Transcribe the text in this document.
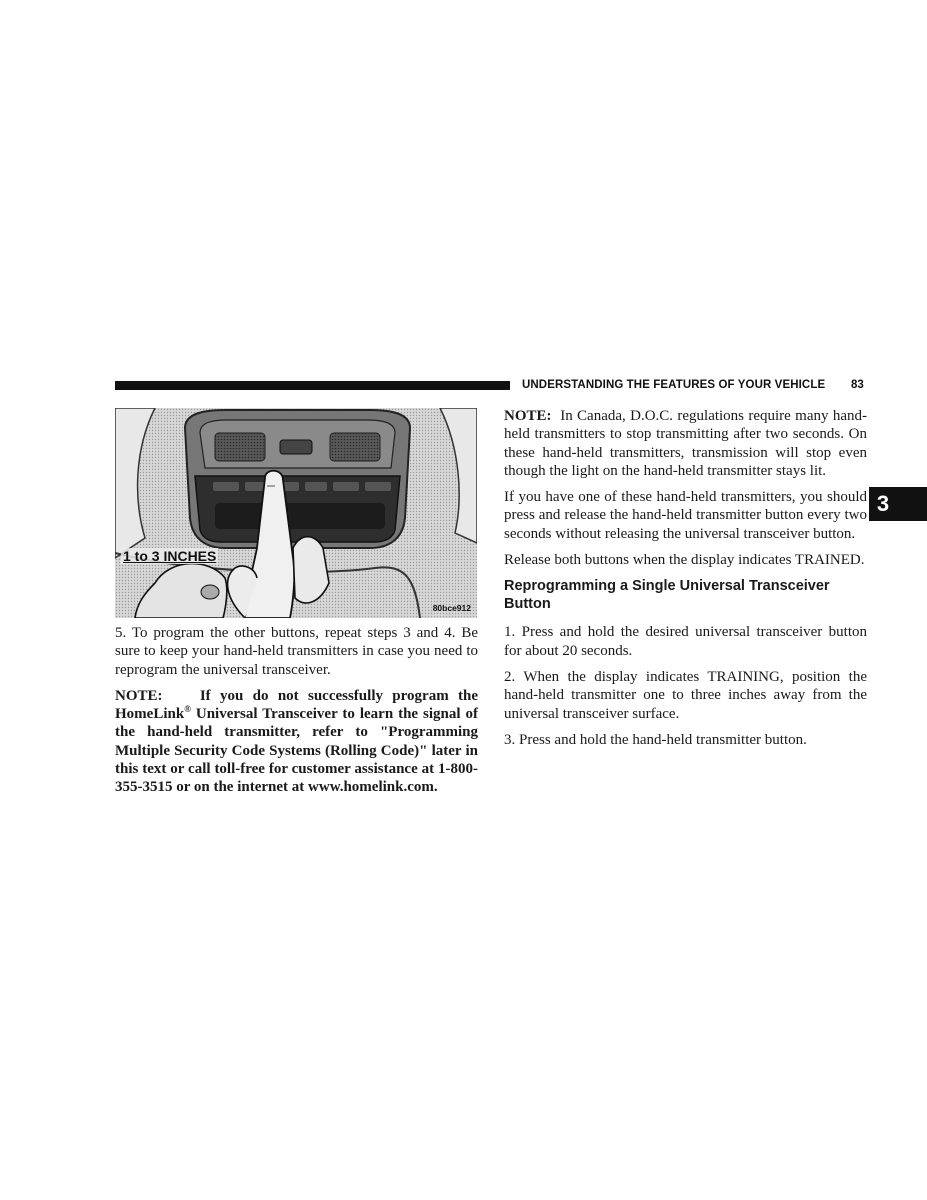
UNDERSTANDING THE FEATURES OF YOUR VEHICLE 83
3
1 to 3 INCHES
80bce912

5. To program the other buttons, repeat steps 3 and 4. Be sure to keep your hand-held transmitters in case you need to reprogram the universal transceiver.

NOTE: If you do not successfully program the HomeLink® Universal Transceiver to learn the signal of the hand-held transmitter, refer to "Programming Multiple Security Code Systems (Rolling Code)" later in this text or call toll-free for customer assistance at 1-800-355-3515 or on the internet at www.homelink.com.

NOTE: In Canada, D.O.C. regulations require many hand-held transmitters to stop transmitting after two seconds. On these hand-held transmitters, transmission will stop even though the light on the hand-held transmitter stays lit.

If you have one of these hand-held transmitters, you should press and release the hand-held transmitter button every two seconds without releasing the universal transceiver button.

Release both buttons when the display indicates TRAINED.

Reprogramming a Single Universal Transceiver Button

1. Press and hold the desired universal transceiver button for about 20 seconds.

2. When the display indicates TRAINING, position the hand-held transmitter one to three inches away from the universal transceiver surface.

3. Press and hold the hand-held transmitter button.
